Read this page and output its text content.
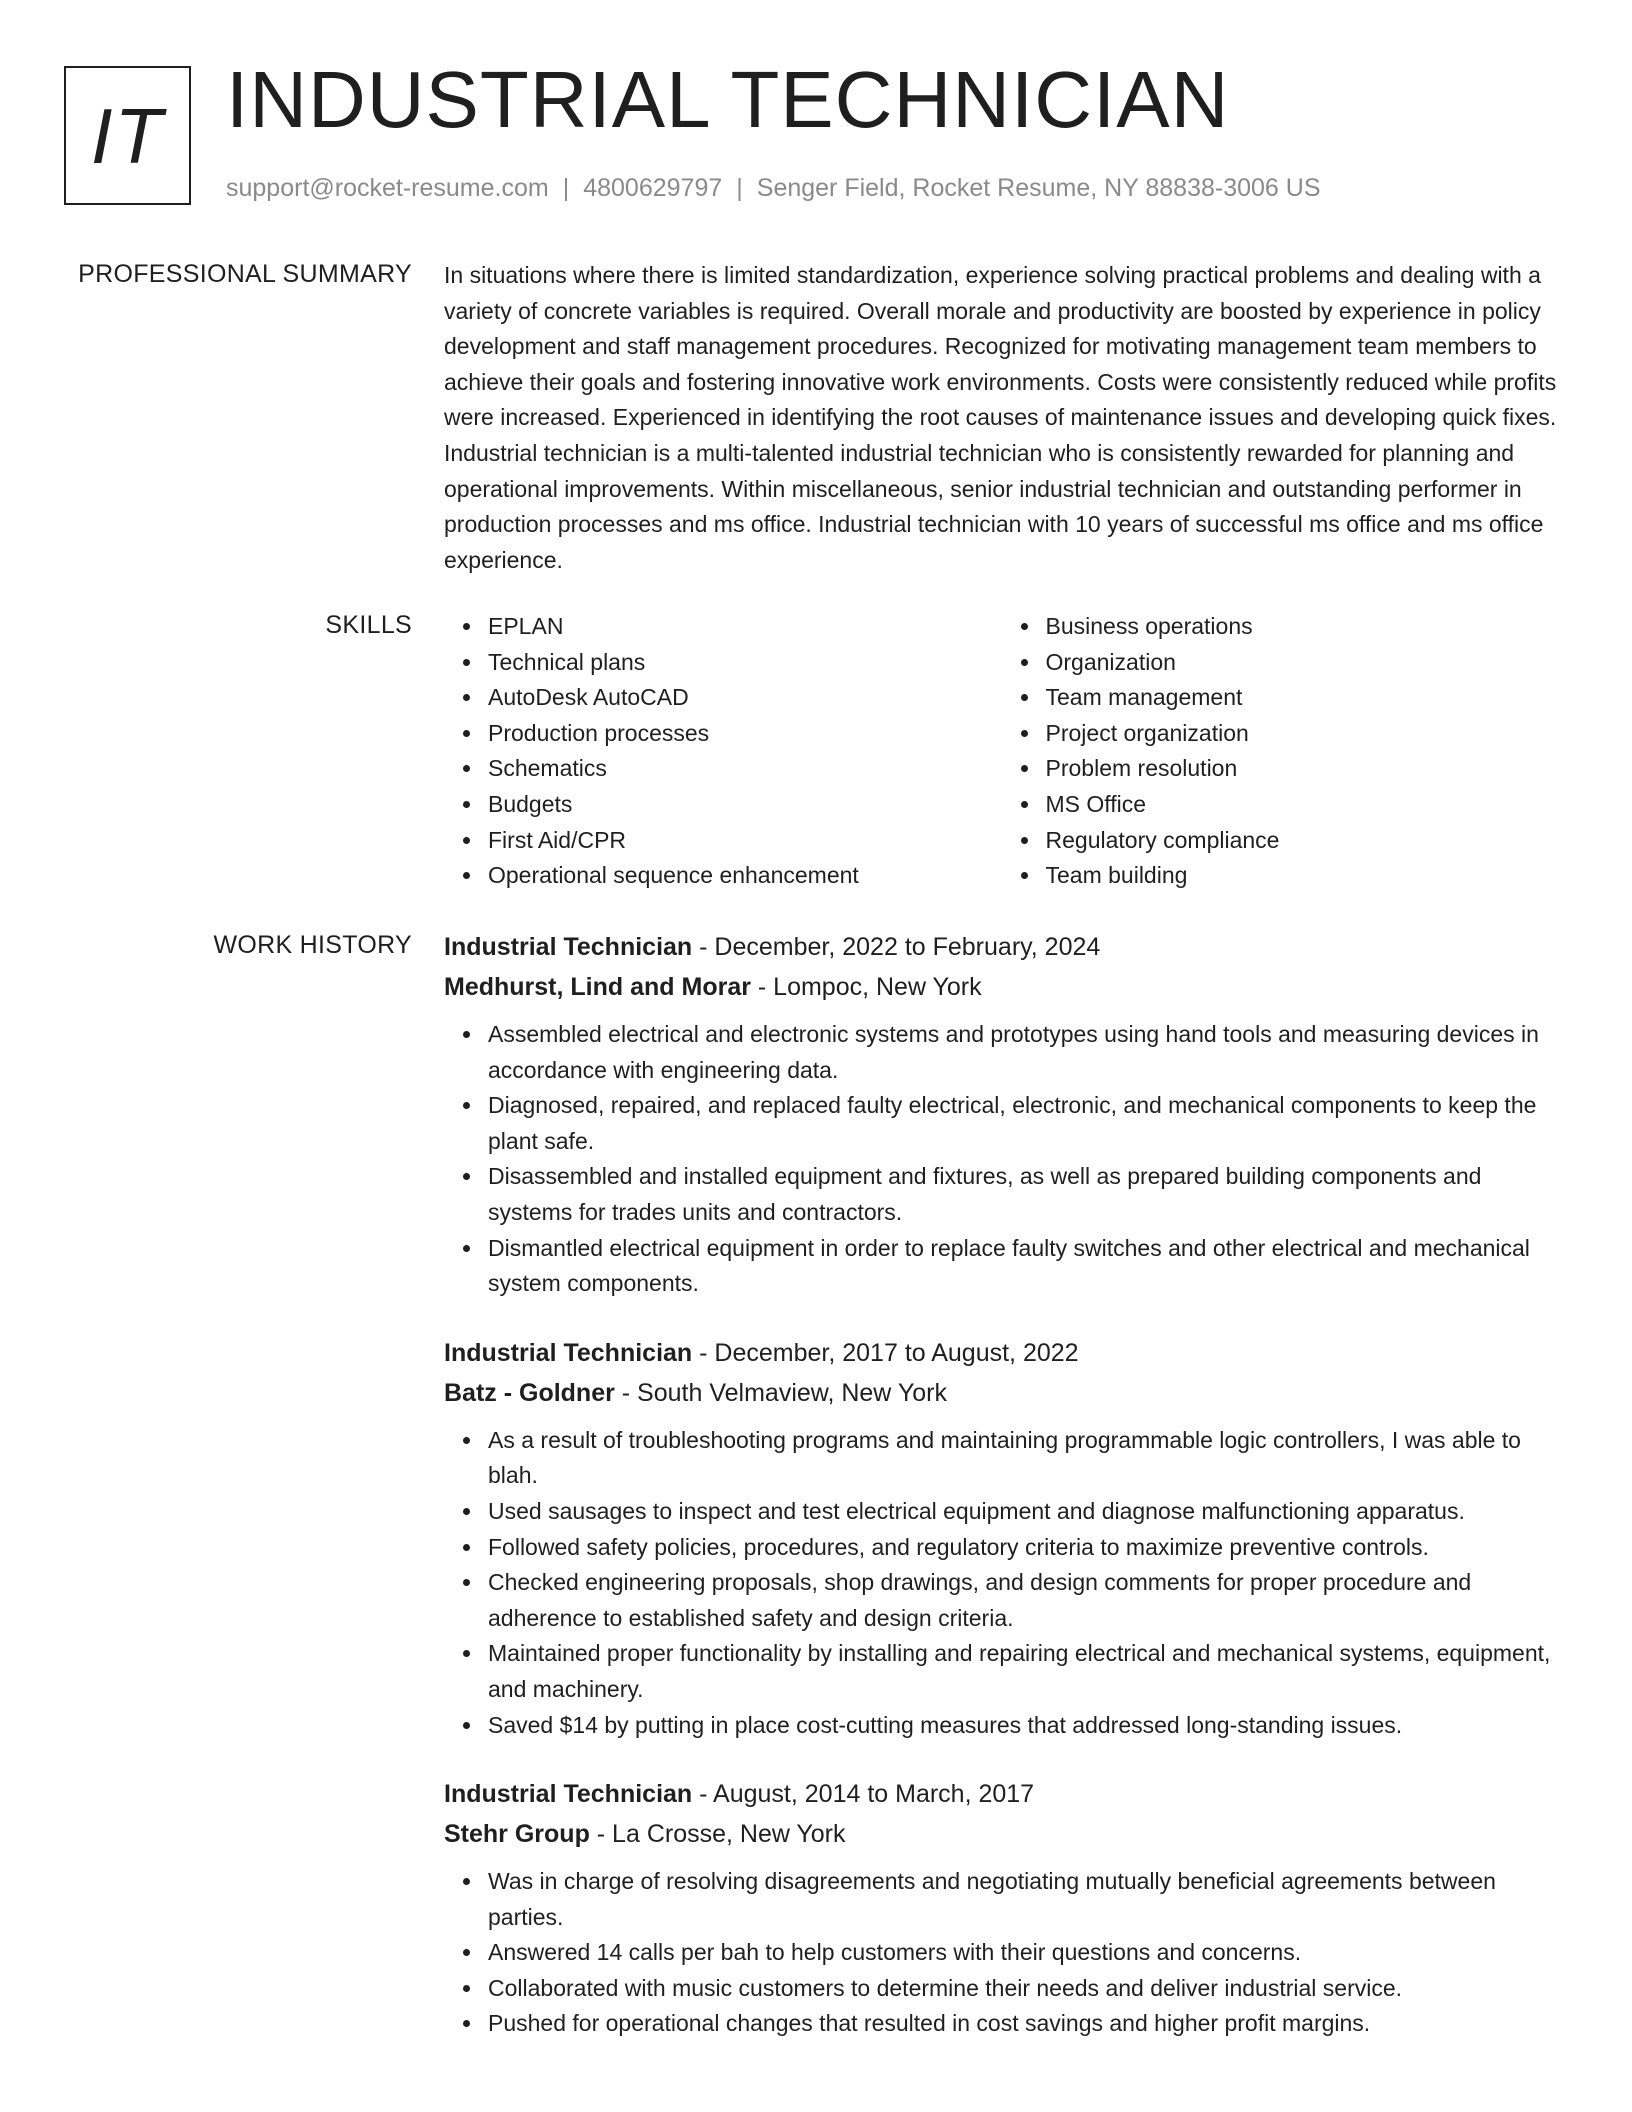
IT INDUSTRIAL TECHNICIAN
support@rocket-resume.com | 4800629797 | Senger Field, Rocket Resume, NY 88838-3006 US
PROFESSIONAL SUMMARY In situations where there is limited standardization, experience solving practical problems and dealing with a variety of concrete variables is required. Overall morale and productivity are boosted by experience in policy development and staff management procedures. Recognized for motivating management team members to achieve their goals and fostering innovative work environments. Costs were consistently reduced while profits were increased. Experienced in identifying the root causes of maintenance issues and developing quick fixes. Industrial technician is a multi-talented industrial technician who is consistently rewarded for planning and operational improvements. Within miscellaneous, senior industrial technician and outstanding performer in production processes and ms office. Industrial technician with 10 years of successful ms office and ms office experience.

SKILLS	EPLAN
Technical plans
AutoDesk AutoCAD
Production processes
Schematics
Budgets
First Aid/CPR
Operational sequence enhancement
Business operations
Organization
Team management
Project organization
Problem resolution
MS Office
Regulatory compliance
Team building
WORK HISTORY Industrial Technician - December, 2022 to February, 2024
Medhurst, Lind and Morar - Lompoc, New York
Assembled electrical and electronic systems and prototypes using hand tools and measuring devices in accordance with engineering data.
Diagnosed, repaired, and replaced faulty electrical, electronic, and mechanical components to keep the plant safe.
Disassembled and installed equipment and fixtures, as well as prepared building components and systems for trades units and contractors.
Dismantled electrical equipment in order to replace faulty switches and other electrical and mechanical system components.
Industrial Technician - December, 2017 to August, 2022
Batz - Goldner - South Velmaview, New York
As a result of troubleshooting programs and maintaining programmable logic controllers, I was able to blah.
Used sausages to inspect and test electrical equipment and diagnose malfunctioning apparatus.
Followed safety policies, procedures, and regulatory criteria to maximize preventive controls.
Checked engineering proposals, shop drawings, and design comments for proper procedure and adherence to established safety and design criteria.
Maintained proper functionality by installing and repairing electrical and mechanical systems, equipment, and machinery.
Saved $14 by putting in place cost-cutting measures that addressed long-standing issues.
Industrial Technician - August, 2014 to March, 2017
Stehr Group - La Crosse, New York
Was in charge of resolving disagreements and negotiating mutually beneficial agreements between parties.
Answered 14 calls per bah to help customers with their questions and concerns.
Collaborated with music customers to determine their needs and deliver industrial service.
Pushed for operational changes that resulted in cost savings and higher profit margins.
